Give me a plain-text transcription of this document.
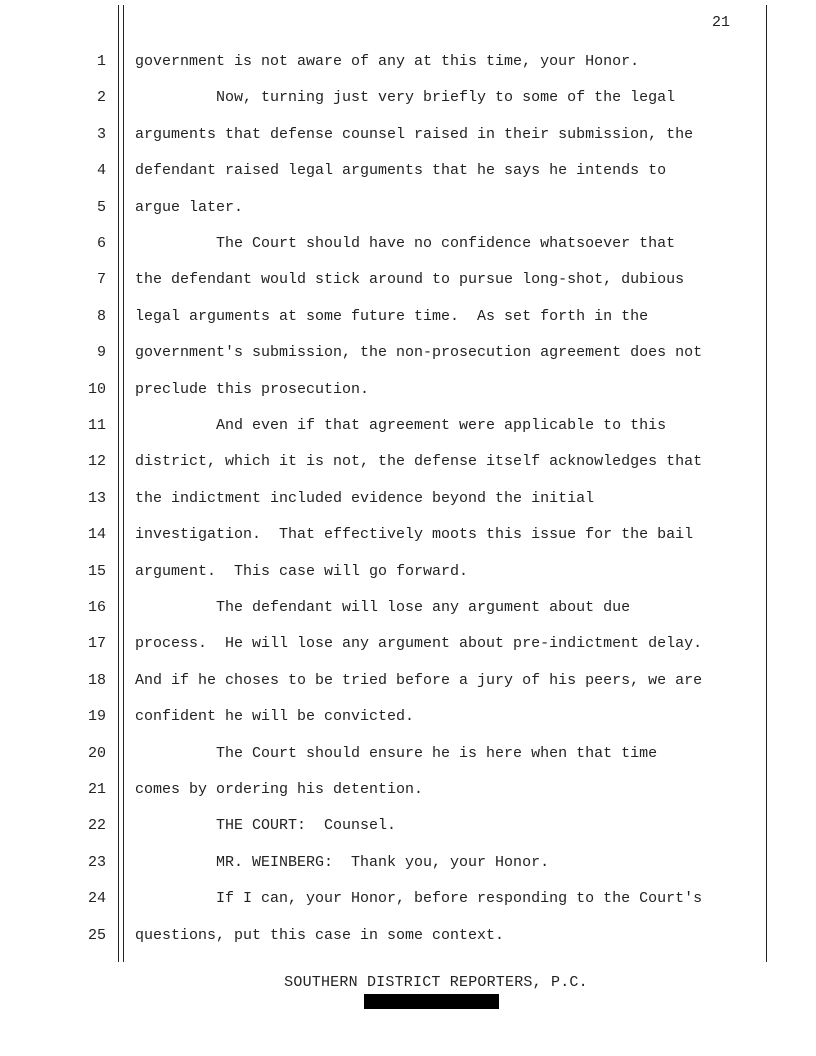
21
1 government is not aware of any at this time, your Honor.
2 Now, turning just very briefly to some of the legal
3 arguments that defense counsel raised in their submission, the
4 defendant raised legal arguments that he says he intends to
5 argue later.
6 The Court should have no confidence whatsoever that
7 the defendant would stick around to pursue long-shot, dubious
8 legal arguments at some future time.  As set forth in the
9 government's submission, the non-prosecution agreement does not
10 preclude this prosecution.
11 And even if that agreement were applicable to this
12 district, which it is not, the defense itself acknowledges that
13 the indictment included evidence beyond the initial
14 investigation.  That effectively moots this issue for the bail
15 argument.  This case will go forward.
16 The defendant will lose any argument about due
17 process.  He will lose any argument about pre-indictment delay.
18 And if he choses to be tried before a jury of his peers, we are
19 confident he will be convicted.
20 The Court should ensure he is here when that time
21 comes by ordering his detention.
22 THE COURT:  Counsel.
23 MR. WEINBERG:  Thank you, your Honor.
24 If I can, your Honor, before responding to the Court's
25 questions, put this case in some context.
SOUTHERN DISTRICT REPORTERS, P.C.
